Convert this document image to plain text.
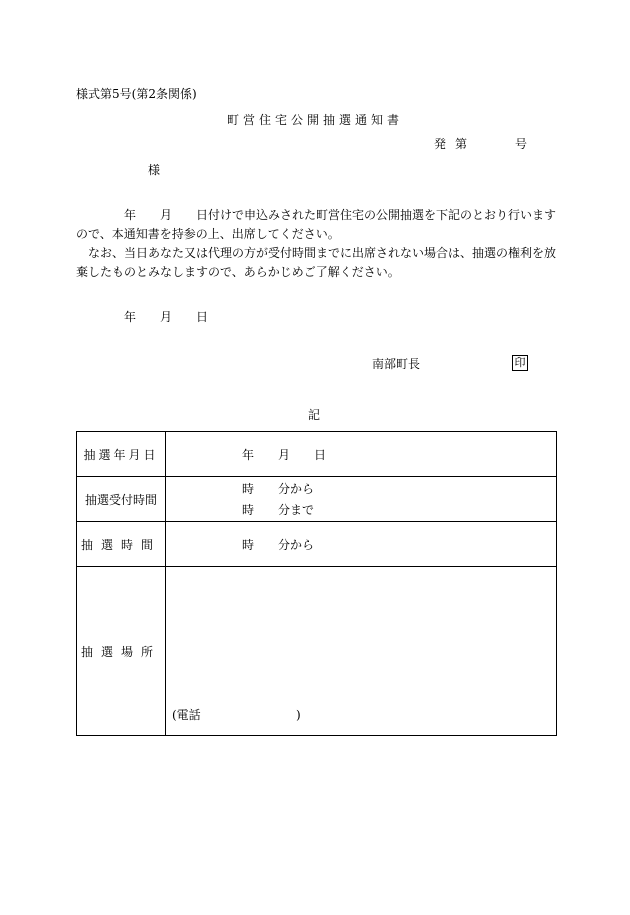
様式第5号(第2条関係)
町営住宅公開抽選通知書
発 第	号
様
年 月 日付けで申込みされた町営住宅の公開抽選を下記のとおり行います
ので、本通知書を持参の上、出席してください。
なお、当日あなた又は代理の方が受付時間までに出席されない場合は、抽選の権利を放
棄したものとみなしますので、あらかじめご了解ください。
年 月 日
南部町長	印
記
抽選年月日	年 月 日

抽選受付時間	時 分から
時 分まで

抽選時間	時 分から

抽選場所	(電話 )
